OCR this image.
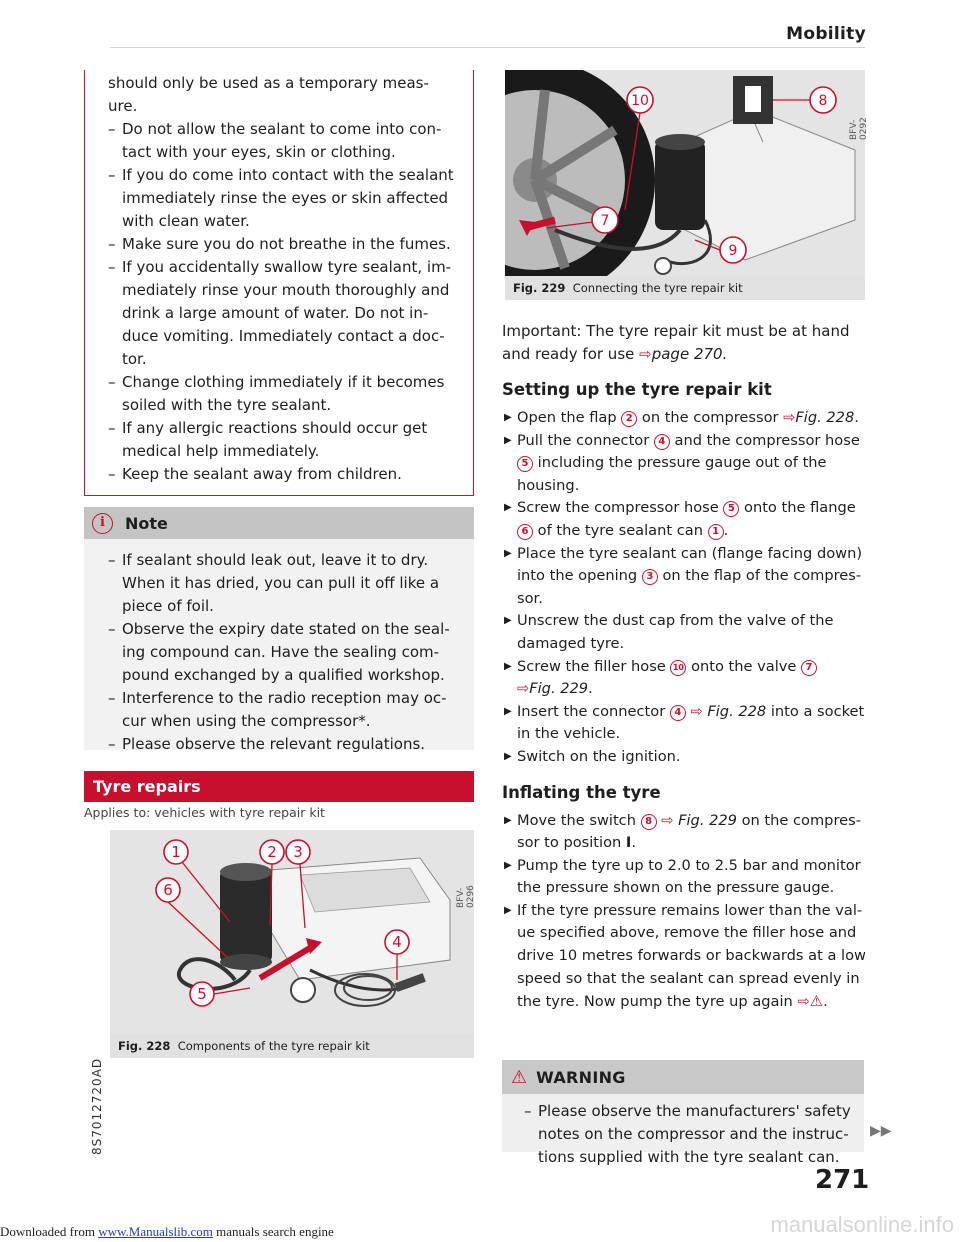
Mobility
should only be used as a temporary meas-
ure.
– Do not allow the sealant to come into con-
tact with your eyes, skin or clothing.
– If you do come into contact with the sealant
immediately rinse the eyes or skin affected
with clean water.
– Make sure you do not breathe in the fumes.
– If you accidentally swallow tyre sealant, im-
mediately rinse your mouth thoroughly and
drink a large amount of water. Do not in-
duce vomiting. Immediately contact a doc-
tor.
– Change clothing immediately if it becomes
soiled with the tyre sealant.
– If any allergic reactions should occur get
medical help immediately.
– Keep the sealant away from children.
i	Note
– If sealant should leak out, leave it to dry.
When it has dried, you can pull it off like a
piece of foil.
– Observe the expiry date stated on the seal-
ing compound can. Have the sealing com-
pound exchanged by a qualified workshop.
– Interference to the radio reception may oc-
cur when using the compressor*.
– Please observe the relevant regulations.
Tyre repairs
Applies to: vehicles with tyre repair kit
1	2 3
6
4
5
BFV-0296
Fig. 228 Components of the tyre repair kit
10	8
7
9
BFV-0292
Fig. 229 Connecting the tyre repair kit
Important: The tyre repair kit must be at hand
and ready for use ⇨page 270.
Setting up the tyre repair kit
▶ Open the flap 2 on the compressor ⇨Fig. 228.
▶ Pull the connector 4 and the compressor hose
5 including the pressure gauge out of the
housing.
▶ Screw the compressor hose 5 onto the flange
6 of the tyre sealant can 1 .
▶ Place the tyre sealant can (flange facing down)
into the opening 3 on the flap of the compres-
sor.
▶ Unscrew the dust cap from the valve of the
damaged tyre.
▶ Screw the filler hose 10 onto the valve 7
⇨Fig. 229.
▶ Insert the connector 4 ⇨ Fig. 228 into a socket
in the vehicle.
▶ Switch on the ignition.
Inflating the tyre
▶ Move the switch 8 ⇨ Fig. 229 on the compres-
sor to position I.
▶ Pump the tyre up to 2.0 to 2.5 bar and monitor
the pressure shown on the pressure gauge.
▶ If the tyre pressure remains lower than the val-
ue specified above, remove the filler hose and
drive 10 metres forwards or backwards at a low
speed so that the sealant can spread evenly in
the tyre. Now pump the tyre up again ⇨⚠.
⚠ WARNING
– Please observe the manufacturers' safety
notes on the compressor and the instruc-
tions supplied with the tyre sealant can.
▶▶
271
8S7012720AD
Downloaded from www.Manualslib.com manuals search engine	manualsonline.info
